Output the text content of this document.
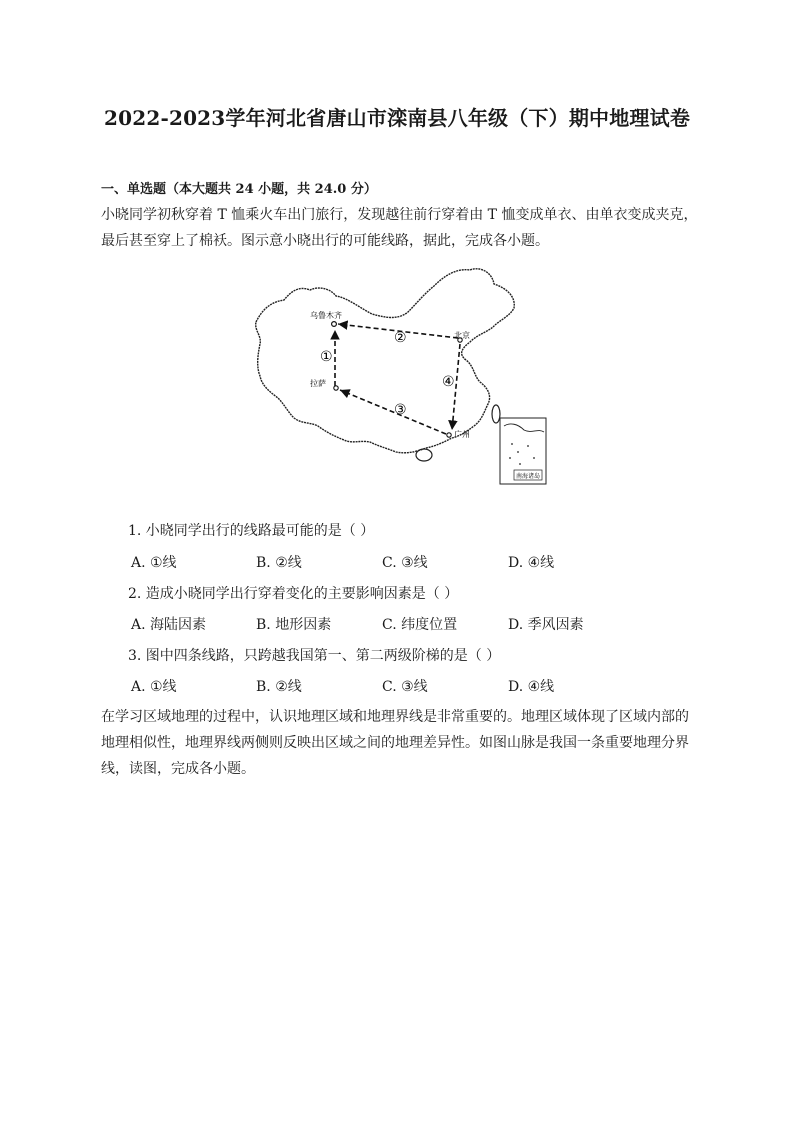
2022-2023学年河北省唐山市滦南县八年级（下）期中地理试卷
一、单选题（本大题共 24 小题，共 24.0 分）
小晓同学初秋穿着 T 恤乘火车出门旅行，发现越往前行穿着由 T 恤变成单衣、由单衣变成夹克，最后甚至穿上了棉袄。图示意小晓出行的可能线路，据此，完成各小题。
南海诸岛
乌鲁木齐
北京
拉萨
广州
①
②
③
④
1. 小晓同学出行的线路最可能的是（ ）
A. ①线	B. ②线	C. ③线	D. ④线
2. 造成小晓同学出行穿着变化的主要影响因素是（ ）
A. 海陆因素	B. 地形因素	C. 纬度位置	D. 季风因素
3. 图中四条线路，只跨越我国第一、第二两级阶梯的是（ ）
A. ①线	B. ②线	C. ③线	D. ④线
在学习区域地理的过程中，认识地理区域和地理界线是非常重要的。地理区域体现了区域内部的地理相似性，地理界线两侧则反映出区域之间的地理差异性。如图山脉是我国一条重要地理分界线，读图，完成各小题。
